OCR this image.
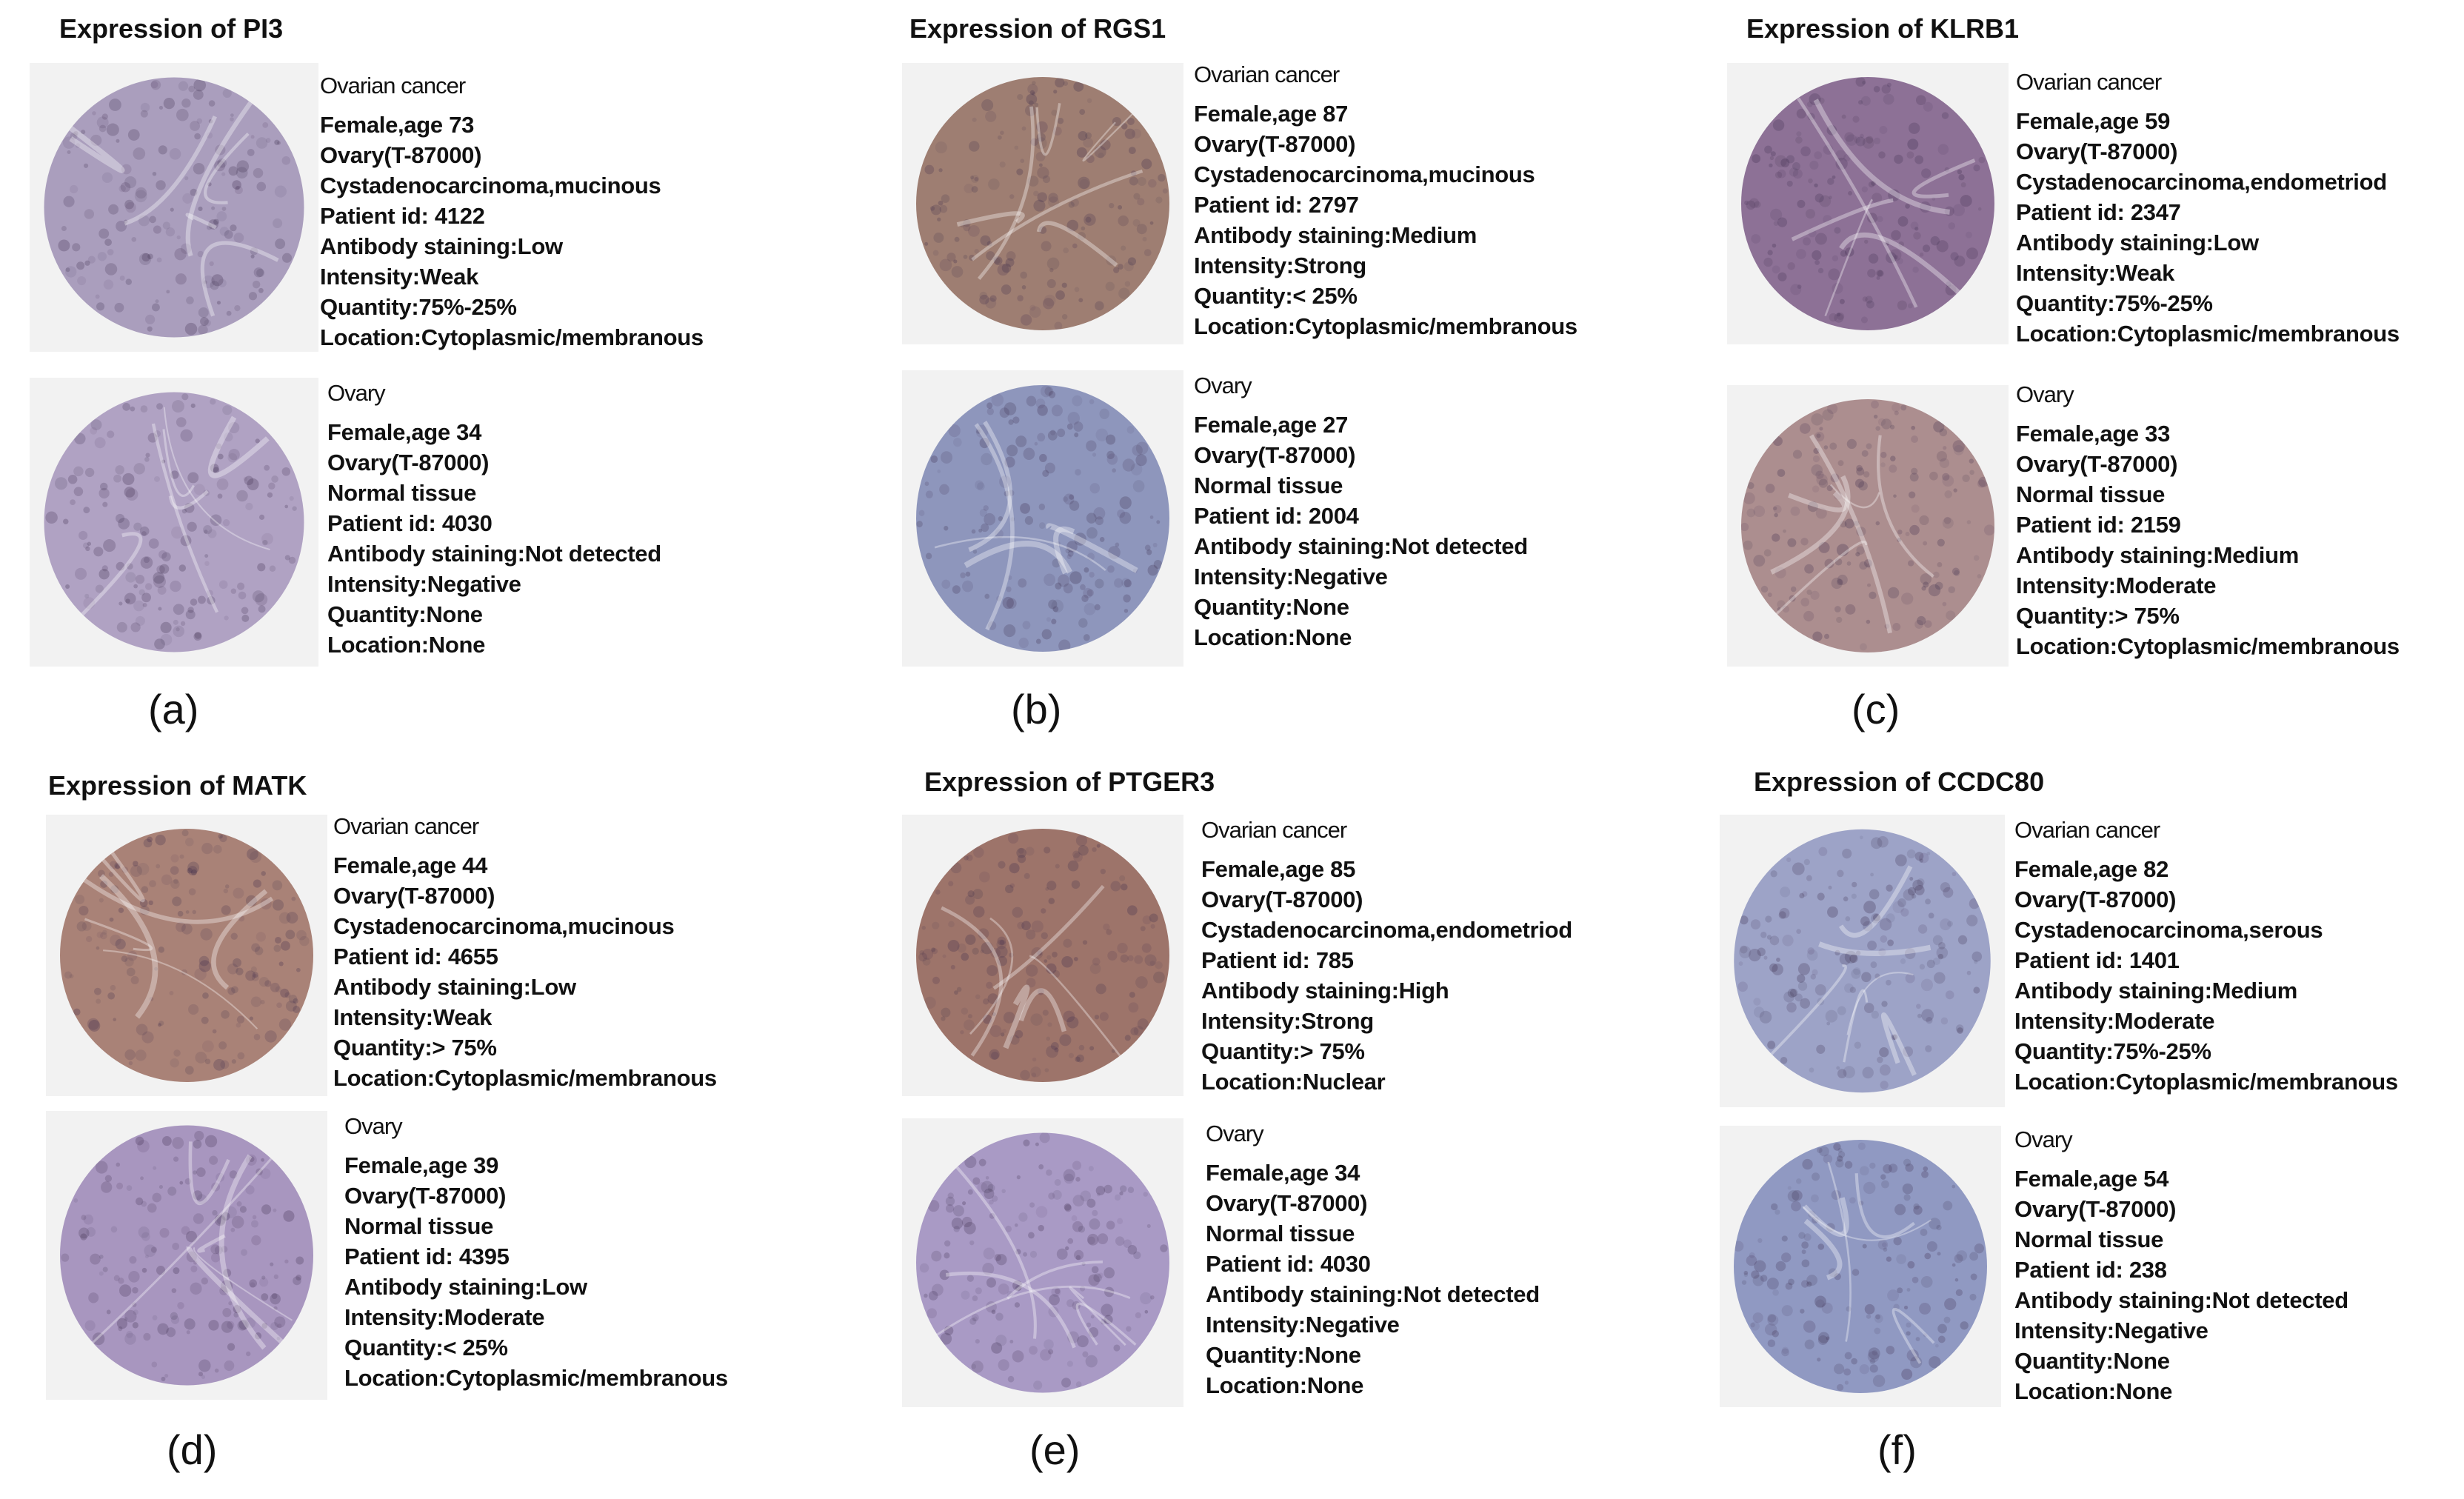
Expression of PI3
Ovarian cancer
Female,age 73
Ovary(T-87000)
Cystadenocarcinoma,mucinous
Patient id: 4122
Antibody staining:Low
Intensity:Weak
Quantity:75%-25%
Location:Cytoplasmic/membranous
Ovary
Female,age 34
Ovary(T-87000)
Normal tissue
Patient id: 4030
Antibody staining:Not detected
Intensity:Negative
Quantity:None
Location:None
(a)
Expression of RGS1
Ovarian cancer
Female,age 87
Ovary(T-87000)
Cystadenocarcinoma,mucinous
Patient id: 2797
Antibody staining:Medium
Intensity:Strong
Quantity:< 25%
Location:Cytoplasmic/membranous
Ovary
Female,age 27
Ovary(T-87000)
Normal tissue
Patient id: 2004
Antibody staining:Not detected
Intensity:Negative
Quantity:None
Location:None
(b)
Expression of KLRB1
Ovarian cancer
Female,age 59
Ovary(T-87000)
Cystadenocarcinoma,endometriod
Patient id: 2347
Antibody staining:Low
Intensity:Weak
Quantity:75%-25%
Location:Cytoplasmic/membranous
Ovary
Female,age 33
Ovary(T-87000)
Normal tissue
Patient id: 2159
Antibody staining:Medium
Intensity:Moderate
Quantity:> 75%
Location:Cytoplasmic/membranous
(c)
Expression of MATK
Ovarian cancer
Female,age 44
Ovary(T-87000)
Cystadenocarcinoma,mucinous
Patient id: 4655
Antibody staining:Low
Intensity:Weak
Quantity:> 75%
Location:Cytoplasmic/membranous
Ovary
Female,age 39
Ovary(T-87000)
Normal tissue
Patient id: 4395
Antibody staining:Low
Intensity:Moderate
Quantity:< 25%
Location:Cytoplasmic/membranous
(d)
Expression of PTGER3
Ovarian cancer
Female,age 85
Ovary(T-87000)
Cystadenocarcinoma,endometriod
Patient id: 785
Antibody staining:High
Intensity:Strong
Quantity:> 75%
Location:Nuclear
Ovary
Female,age 34
Ovary(T-87000)
Normal tissue
Patient id: 4030
Antibody staining:Not detected
Intensity:Negative
Quantity:None
Location:None
(e)
Expression of CCDC80
Ovarian cancer
Female,age 82
Ovary(T-87000)
Cystadenocarcinoma,serous
Patient id: 1401
Antibody staining:Medium
Intensity:Moderate
Quantity:75%-25%
Location:Cytoplasmic/membranous
Ovary
Female,age 54
Ovary(T-87000)
Normal tissue
Patient id: 238
Antibody staining:Not detected
Intensity:Negative
Quantity:None
Location:None
(f)
